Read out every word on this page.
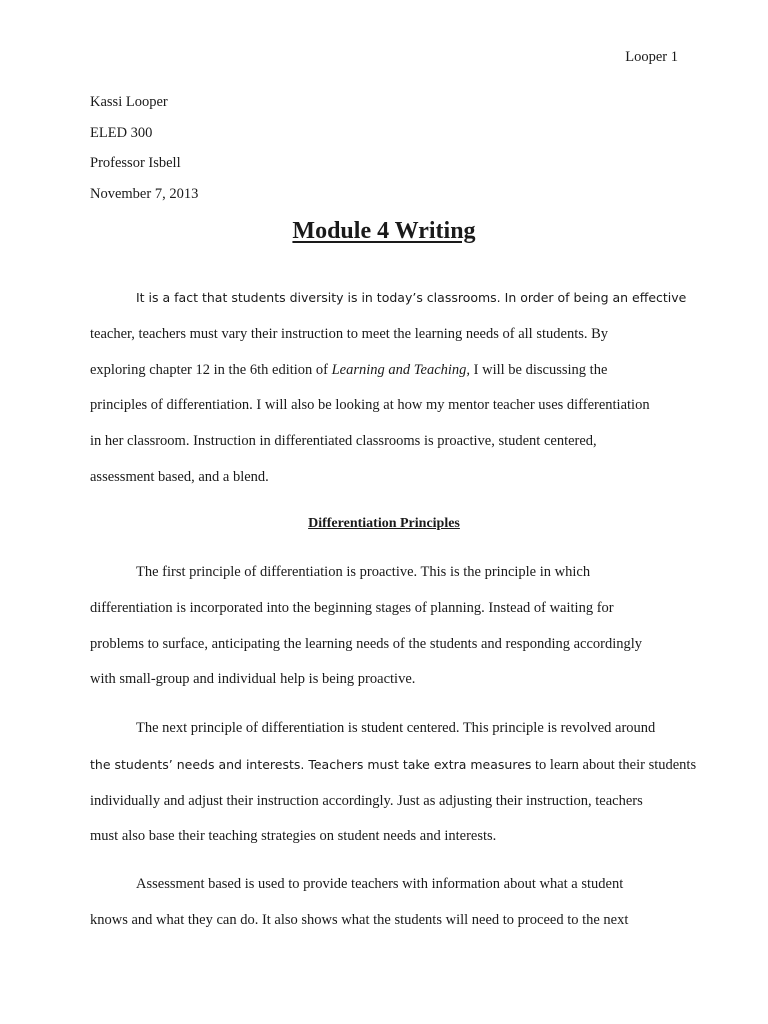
Looper 1
Kassi Looper
ELED 300
Professor Isbell
November 7, 2013
Module 4 Writing

It is a fact that students diversity is in today’s classrooms. In order of being an effective
teacher, teachers must vary their instruction to meet the learning needs of all students. By
exploring chapter 12 in the 6th edition of Learning and Teaching, I will be discussing the
principles of differentiation. I will also be looking at how my mentor teacher uses differentiation
in her classroom. Instruction in differentiated classrooms is proactive, student centered,
assessment based, and a blend.

Differentiation Principles

The first principle of differentiation is proactive. This is the principle in which
differentiation is incorporated into the beginning stages of planning. Instead of waiting for
problems to surface, anticipating the learning needs of the students and responding accordingly
with small-group and individual help is being proactive.

The next principle of differentiation is student centered. This principle is revolved around
the students’ needs and interests. Teachers must take extra measures to learn about their students
individually and adjust their instruction accordingly. Just as adjusting their instruction, teachers
must also base their teaching strategies on student needs and interests.

Assessment based is used to provide teachers with information about what a student
knows and what they can do. It also shows what the students will need to proceed to the next
